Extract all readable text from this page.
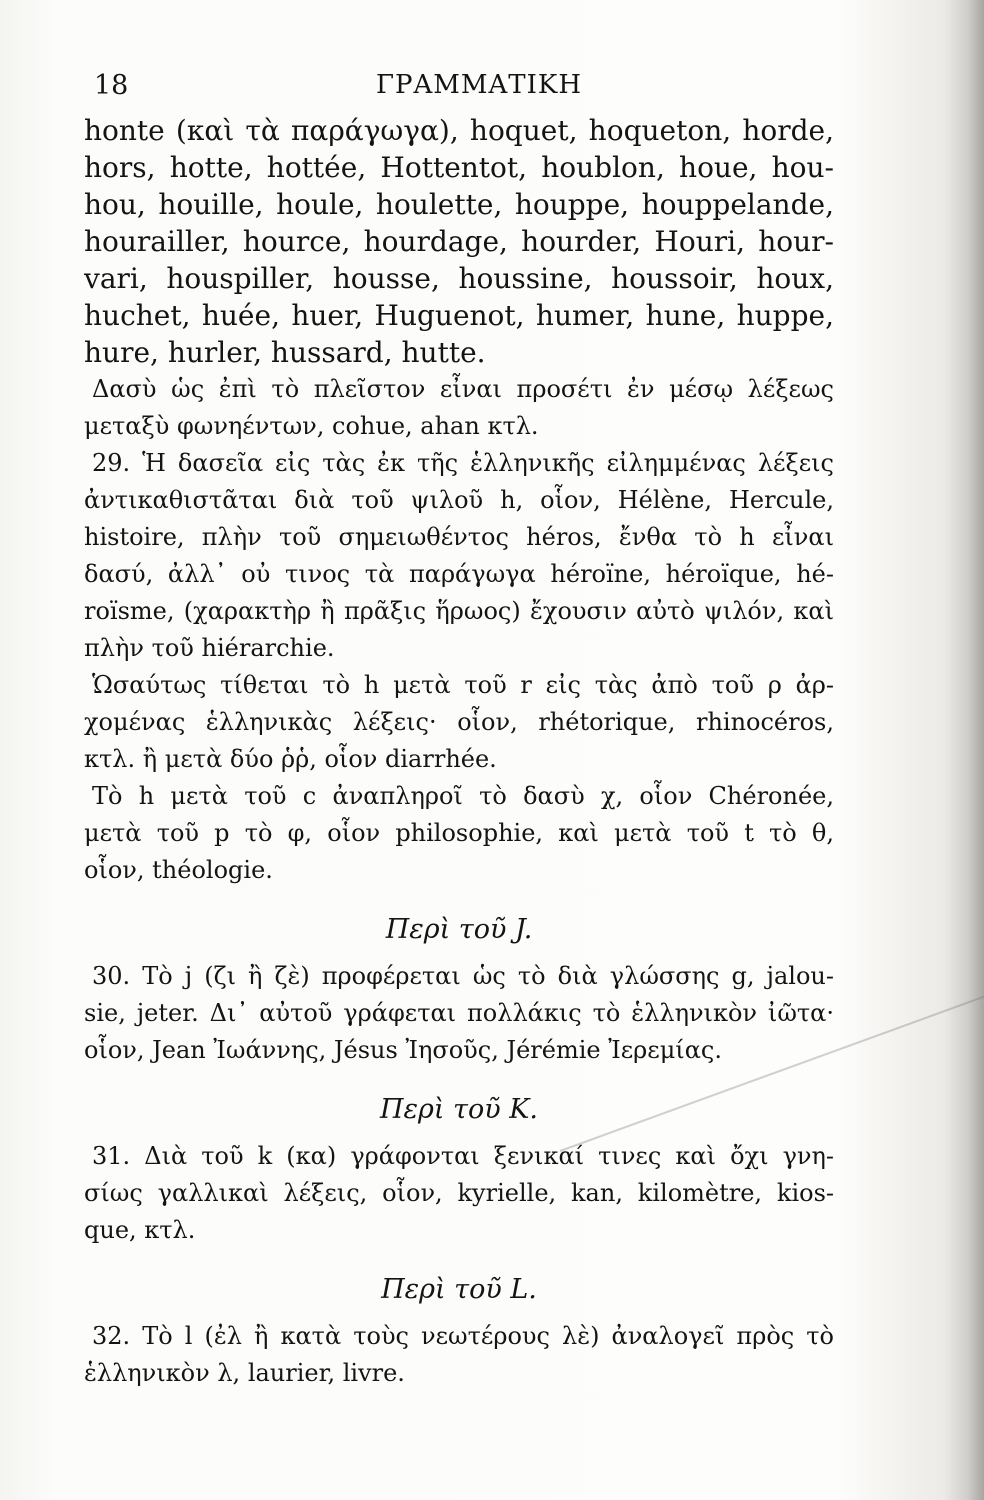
18	ΓΡΑΜΜΑΤΙΚΗ
honte (καὶ τὰ παράγωγα), hoquet, hoqueton, horde,
hors, hotte, hottée, Hottentot, houblon, houe, hou-
hou, houille, houle, houlette, houppe, houppelande,
hourailler, hource, hourdage, hourder, Houri, hour-
vari, houspiller, housse, houssine, houssoir, houx,
huchet, huée, huer, Huguenot, humer, hune, huppe,
hure, hurler, hussard, hutte.
Δασὺ ὡς ἐπὶ τὸ πλεῖστον εἶναι προσέτι ἐν μέσῳ λέξεως
μεταξὺ φωνηέντων, cohue, ahan κτλ.
29. Ἡ δασεῖα εἰς τὰς ἐκ τῆς ἑλληνικῆς εἰλημμένας λέξεις
ἀντικαθιστᾶται διὰ τοῦ ψιλοῦ h, οἷον, Hélène, Hercule,
histoire, πλὴν τοῦ σημειωθέντος héros, ἔνθα τὸ h εἶναι
δασύ, ἀλλ᾽ οὐ τινος τὰ παράγωγα héroïne, héroïque, hé-
roïsme, (χαρακτὴρ ἢ πρᾶξις ἥρωος) ἔχουσιν αὐτὸ ψιλόν, καὶ
πλὴν τοῦ hiérarchie.
Ὡσαύτως τίθεται τὸ h μετὰ τοῦ r εἰς τὰς ἀπὸ τοῦ ρ ἀρ-
χομένας ἑλληνικὰς λέξεις· οἷον, rhétorique, rhinocéros,
κτλ. ἢ μετὰ δύο ῥῥ, οἷον diarrhée.
Τὸ h μετὰ τοῦ c ἀναπληροῖ τὸ δασὺ χ, οἷον Chéronée,
μετὰ τοῦ p τὸ φ, οἷον philosophie, καὶ μετὰ τοῦ t τὸ θ,
οἷον, théologie.
Περὶ τοῦ J.
30. Τὸ j (ζι ἢ ζὲ) προφέρεται ὡς τὸ διὰ γλώσσης g, jalou-
sie, jeter. Δι᾽ αὐτοῦ γράφεται πολλάκις τὸ ἑλληνικὸν ἰῶτα·
οἷον, Jean Ἰωάννης, Jésus Ἰησοῦς, Jérémie Ἰερεμίας.
Περὶ τοῦ K.
31. Διὰ τοῦ k (κα) γράφονται ξενικαί τινες καὶ ὄχι γνη-
σίως γαλλικαὶ λέξεις, οἷον, kyrielle, kan, kilomètre, kios-
que, κτλ.
Περὶ τοῦ L.
32. Τὸ l (ἐλ ἢ κατὰ τοὺς νεωτέρους λὲ) ἀναλογεῖ πρὸς τὸ
ἑλληνικὸν λ, laurier, livre.
